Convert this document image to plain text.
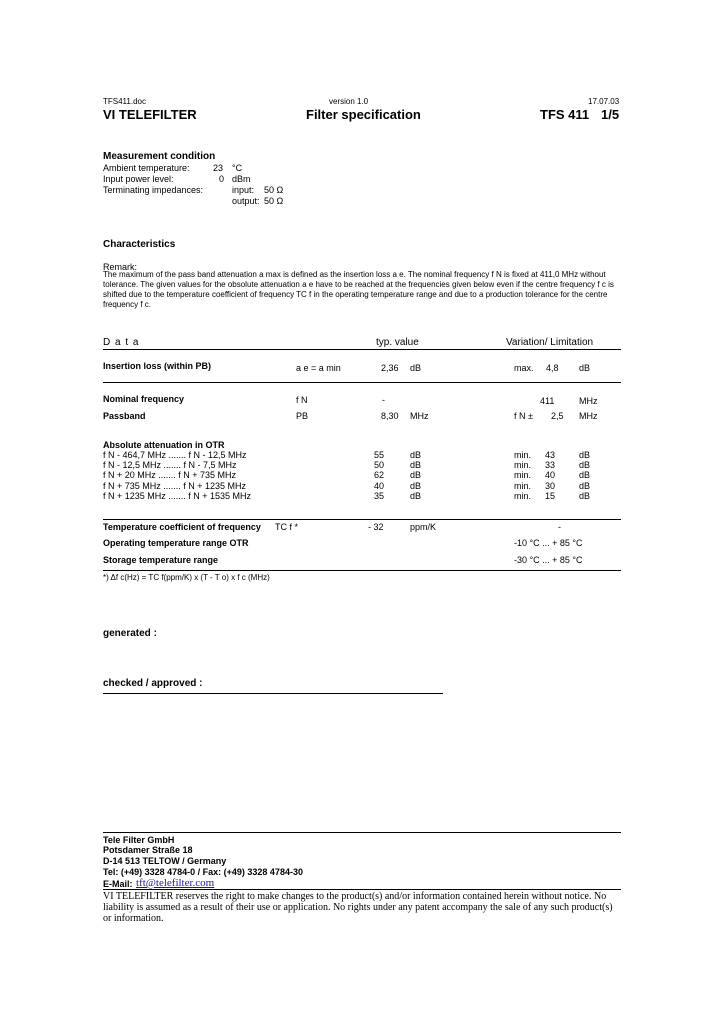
TFS411.doc	version 1.0	17.07.03
VI TELEFILTER	Filter specification	TFS 411 1/5
Measurement condition
Ambient temperature:	23 °C
Input power level:	0 dBm
Terminating impedances:	input: 50 Ω
output: 50 Ω
Characteristics
Remark:
The maximum of the pass band attenuation a max is defined as the insertion loss a e. The nominal frequency f N is fixed at 411,0 MHz without tolerance. The given values for the obsolute attenuation a e have to be reached at the frequencies given below even if the centre frequency f c is shifted due to the temperature coefficient of frequency TC f in the operating temperature range and due to a production tolerance for the centre frequency f c.
D a t a	typ. value	Variation/ Limitation
Insertion loss (within PB)	a e = a min	2,36 dB	max. 4,8 dB
Nominal frequency	f N	-	411	MHz
Passband	PB	8,30 MHz	f N ± 2,5 MHz
Absolute attenuation in OTR
f N - 464,7 MHz ....... f N - 12,5 MHz	55	dB	min. 43	dB
f N - 12,5 MHz ....... f N - 7,5 MHz	50	dB	min. 33	dB
f N + 20 MHz ....... f N + 735 MHz	62	dB	min. 40	dB
f N + 735 MHz ....... f N + 1235 MHz	40	dB	min. 30	dB
f N + 1235 MHz ....... f N + 1535 MHz	35	dB	min. 15	dB
Temperature coefficient of frequency TC f *	- 32	ppm/K	-
Operating temperature range OTR	-10 °C ... + 85 °C
Storage temperature range	-30 °C ... + 85 °C
*) Δf c(Hz) = TC f(ppm/K) x (T - T o) x f c (MHz)
generated :
checked / approved :
Tele Filter GmbH
Potsdamer Straße 18
D-14 513 TELTOW / Germany
Tel: (+49) 3328 4784-0 / Fax: (+49) 3328 4784-30
E-Mail: tft@telefilter.com
VI TELEFILTER reserves the right to make changes to the product(s) and/or information contained herein without notice. No liability is assumed as a result of their use or application. No rights under any patent accompany the sale of any such product(s) or information.
